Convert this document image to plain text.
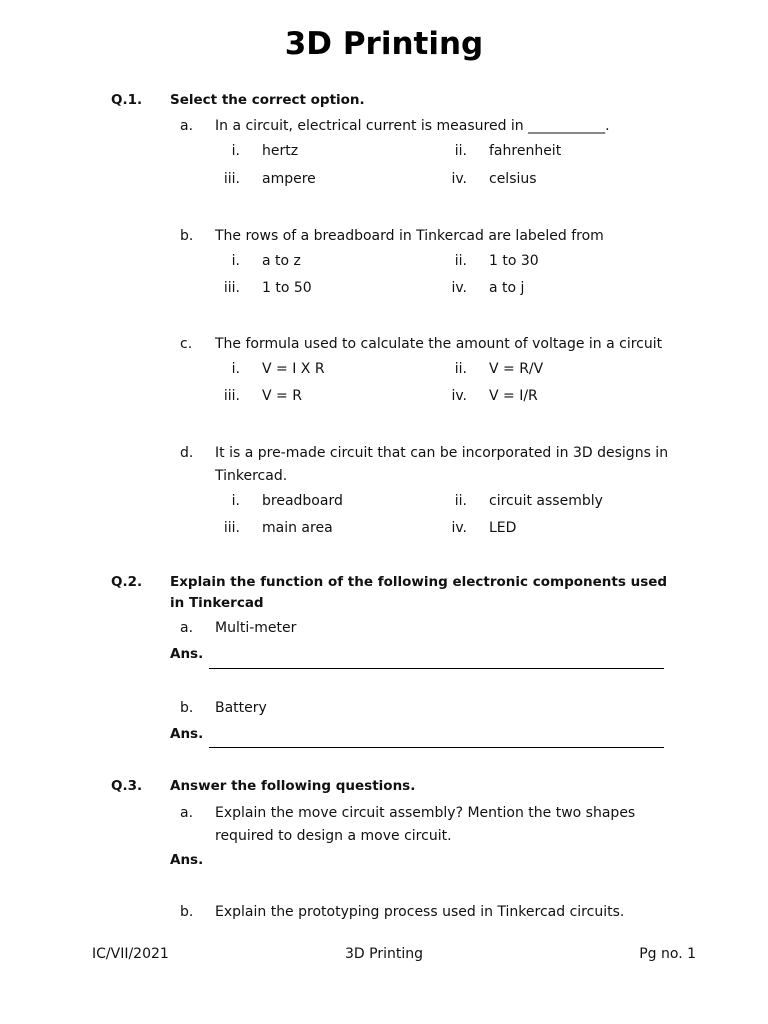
3D Printing
Q.1. Select the correct option.
a. In a circuit, electrical current is measured in ___________.
i. hertz	ii. fahrenheit
iii. ampere	iv. celsius
b. The rows of a breadboard in Tinkercad are labeled from
i. a to z	ii. 1 to 30
iii. 1 to 50	iv. a to j
c. The formula used to calculate the amount of voltage in a circuit
i. V = I X R	ii. V = R/V
iii. V = R	iv. V = I/R
d. It is a pre-made circuit that can be incorporated in 3D designs in
Tinkercad.
i. breadboard	ii. circuit assembly
iii. main area	iv. LED
Q.2. Explain the function of the following electronic components used
in Tinkercad
a. Multi-meter
Ans.
b. Battery
Ans.
Q.3. Answer the following questions.
a. Explain the move circuit assembly? Mention the two shapes
required to design a move circuit.
Ans.
b. Explain the prototyping process used in Tinkercad circuits.
IC/VII/2021	3D Printing	Pg no. 1
